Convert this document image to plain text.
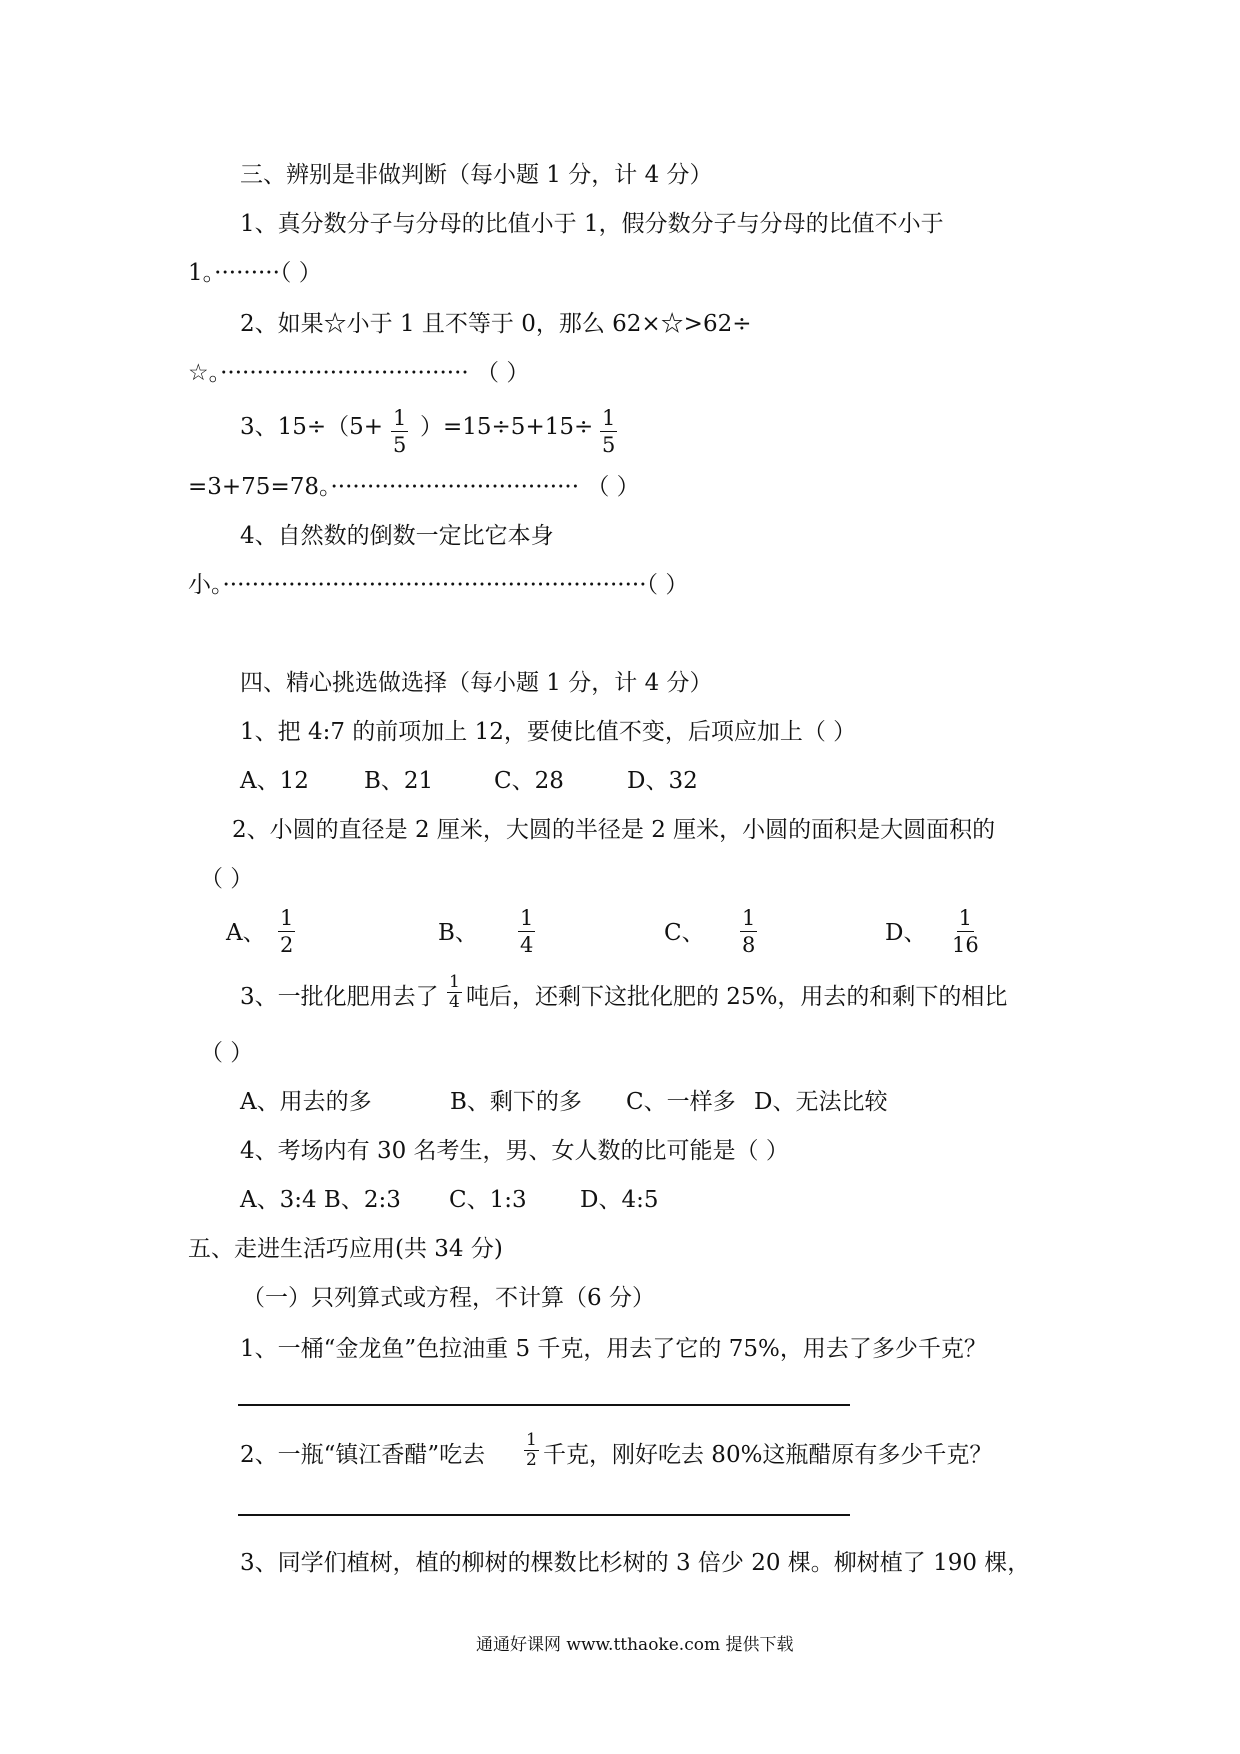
三、辨别是非做判断（每小题 1 分，计 4 分）
1、真分数分子与分母的比值小于 1，假分数分子与分母的比值不小于
1。·········（ ）
2、如果☆小于 1 且不等于 0，那么 62×☆>62÷
☆。·································· （ ）
3、$15\div(5+ \frac{1}{5} )=15\div 5+15\div \frac{1}{5}$
=3+75=78。·································· （ ）
4、自然数的倒数一定比它本身
小。··························································（ ）
四、精心挑选做选择（每小题 1 分，计 4 分）
1、把 4:7 的前项加上 12，要使比值不变，后项应加上（ ）
A、12 B、21	C、28	D、32
2、小圆的直径是 2 厘米，大圆的半径是 2 厘米，小圆的面积是大圆面积的
（ ）
A、 $\frac{1}{2}$	B、 $\frac{1}{4}$	C、 $\frac{1}{8}$	D、 $\frac{1}{16}$
3、一批化肥用去了 $\frac{1}{4}$ 吨后，还剩下这批化肥的 25%，用去的和剩下的相比
（ ）
A、用去的多	B、剩下的多 C、一样多 D、无法比较
4、考场内有 30 名考生，男、女人数的比可能是（ ）
A、3:4 B、2:3 C、1:3 D、4:5
五、走进生活巧应用(共 34 分)
（一）只列算式或方程，不计算（6 分）
1、一桶“金龙鱼”色拉油重 5 千克，用去了它的 75%，用去了多少千克？
2、一瓶“镇江香醋”吃去 $\frac{1}{2}$ 千克，刚好吃去 80%这瓶醋原有多少千克？
3、同学们植树，植的柳树的棵数比杉树的 3 倍少 20 棵。柳树植了 190 棵，
通通好课网 www.tthaoke.com 提供下载
